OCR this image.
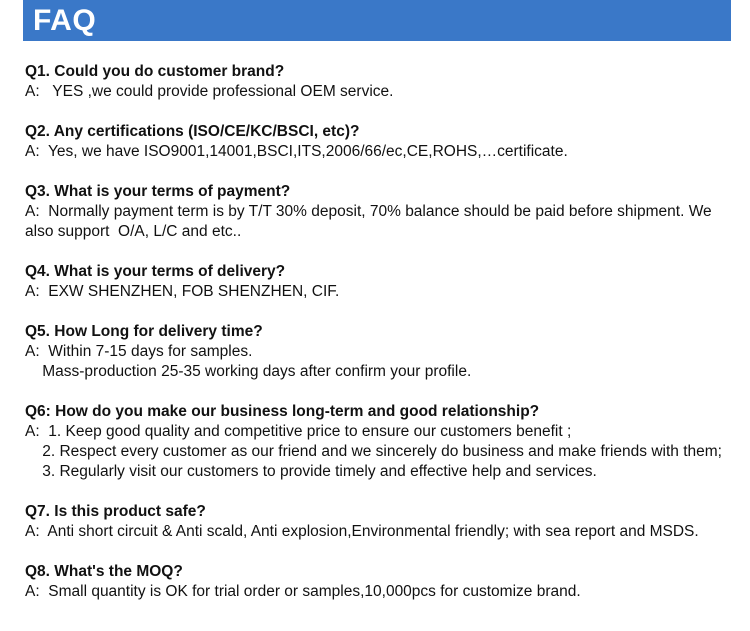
FAQ

Q1. Could you do customer brand?

A:   YES ,we could provide professional OEM service.

Q2. Any certifications (ISO/CE/KC/BSCI, etc)?

A:  Yes, we have ISO9001,14001,BSCI,ITS,2006/66/ec,CE,ROHS,…certificate.

Q3. What is your terms of payment?

A:  Normally payment term is by T/T 30% deposit, 70% balance should be paid before shipment. We

also support  O/A, L/C and etc..

Q4. What is your terms of delivery?

A:  EXW SHENZHEN, FOB SHENZHEN, CIF.

Q5. How Long for delivery time?

A:  Within 7-15 days for samples.

Mass-production 25-35 working days after confirm your profile.

Q6: How do you make our business long-term and good relationship?

A:  1. Keep good quality and competitive price to ensure our customers benefit ;

2. Respect every customer as our friend and we sincerely do business and make friends with them;

3. Regularly visit our customers to provide timely and effective help and services.

Q7. Is this product safe?

A:  Anti short circuit & Anti scald, Anti explosion,Environmental friendly; with sea report and MSDS.

Q8. What's the MOQ?

A:  Small quantity is OK for trial order or samples,10,000pcs for customize brand.
